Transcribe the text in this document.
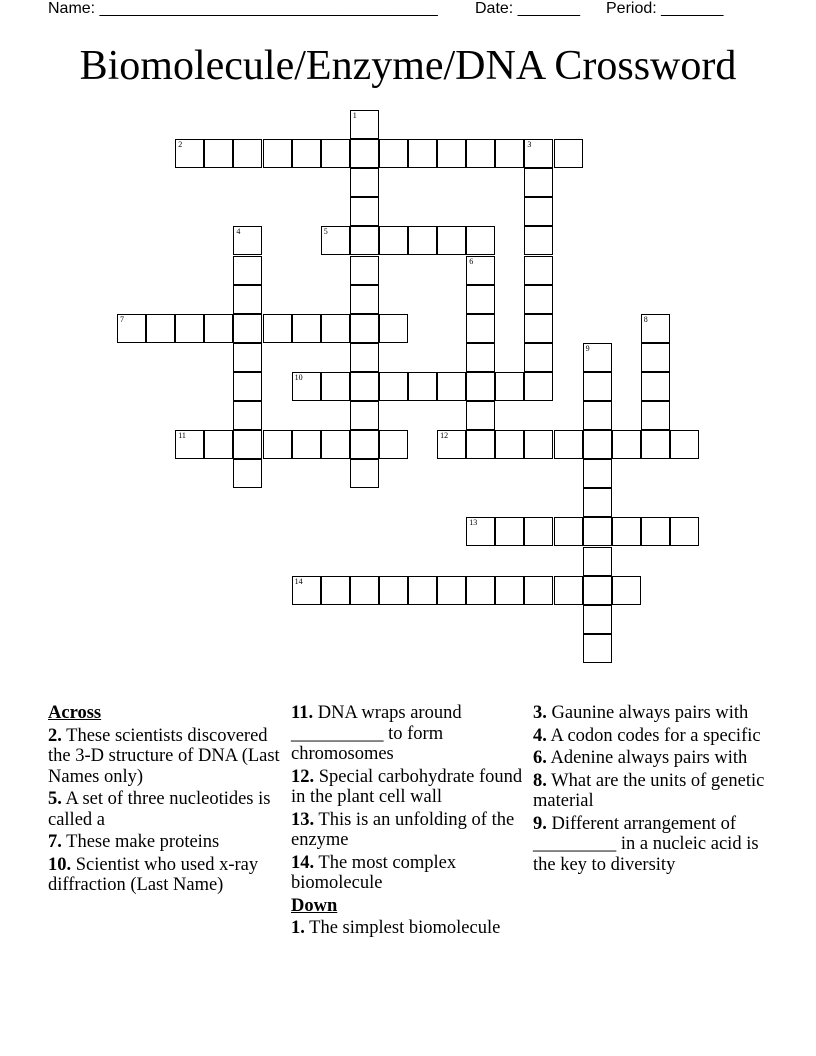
Name: ______________________________________ Date: _______ Period: _______
Biomolecule/Enzyme/DNA Crossword
1
2	3
4	5
6
7	8
9
10
11	12
13
14
Across
2. These scientists discovered the 3-D structure of DNA (Last Names only)
5. A set of three nucleotides is called a
7. These make proteins
10. Scientist who used x-ray diffraction (Last Name)
11. DNA wraps around __________ to form chromosomes
12. Special carbohydrate found in the plant cell wall
13. This is an unfolding of the enzyme
14. The most complex biomolecule
Down
1. The simplest biomolecule
3. Gaunine always pairs with
4. A codon codes for a specific
6. Adenine always pairs with
8. What are the units of genetic material
9. Different arrangement of _________ in a nucleic acid is the key to diversity
